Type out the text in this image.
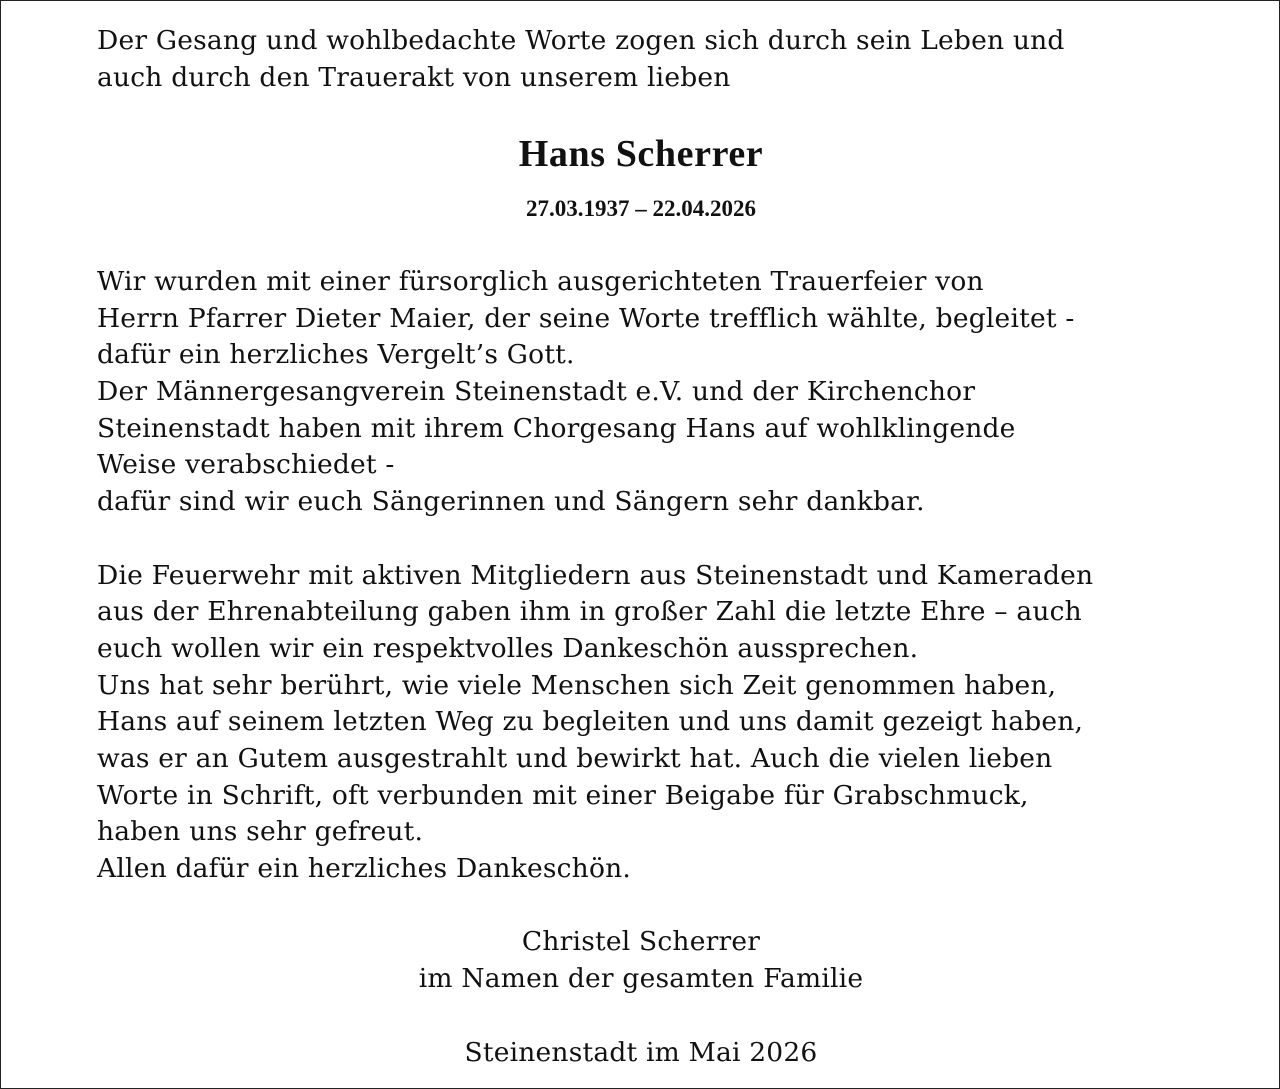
Der Gesang und wohlbedachte Worte zogen sich durch sein Leben und

auch durch den Trauerakt von unserem lieben

Hans Scherrer

27.03.1937 – 22.04.2026

Wir wurden mit einer fürsorglich ausgerichteten Trauerfeier von

Herrn Pfarrer Dieter Maier, der seine Worte trefflich wählte, begleitet -

dafür ein herzliches Vergelt’s Gott.

Der Männergesangverein Steinenstadt e.V. und der Kirchenchor

Steinenstadt haben mit ihrem Chorgesang Hans auf wohlklingende

Weise verabschiedet -

dafür sind wir euch Sängerinnen und Sängern sehr dankbar.

Die Feuerwehr mit aktiven Mitgliedern aus Steinenstadt und Kameraden

aus der Ehrenabteilung gaben ihm in großer Zahl die letzte Ehre – auch

euch wollen wir ein respektvolles Dankeschön aussprechen.

Uns hat sehr berührt, wie viele Menschen sich Zeit genommen haben,

Hans auf seinem letzten Weg zu begleiten und uns damit gezeigt haben,

was er an Gutem ausgestrahlt und bewirkt hat. Auch die vielen lieben

Worte in Schrift, oft verbunden mit einer Beigabe für Grabschmuck,

haben uns sehr gefreut.

Allen dafür ein herzliches Dankeschön.

Christel Scherrer

im Namen der gesamten Familie

Steinenstadt im Mai 2026
